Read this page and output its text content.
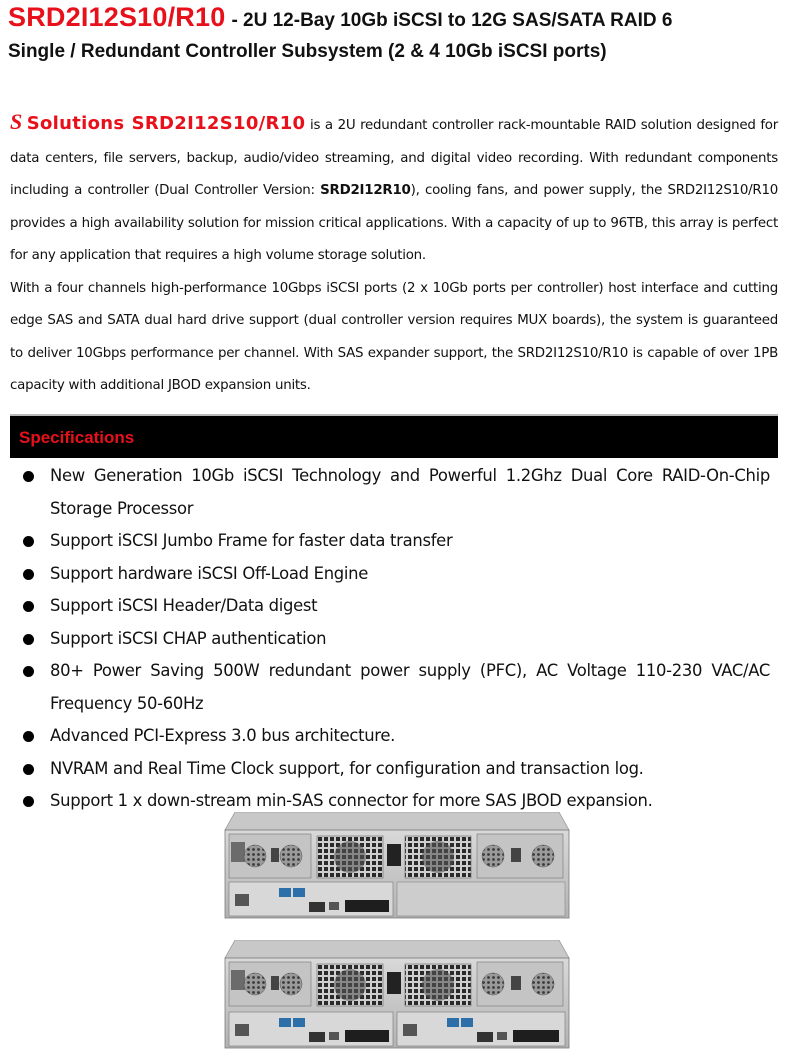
SRD2I12S10/R10 - 2U 12-Bay 10Gb iSCSI to 12G SAS/SATA RAID 6
Single / Redundant Controller Subsystem (2 & 4 10Gb iSCSI ports)

S Solutions SRD2I12S10/R10 is a 2U redundant controller rack-mountable RAID solution designed for data centers, file servers, backup, audio/video streaming, and digital video recording. With redundant components including a controller (Dual Controller Version: SRD2I12R10), cooling fans, and power supply, the SRD2I12S10/R10 provides a high availability solution for mission critical applications. With a capacity of up to 96TB, this array is perfect for any application that requires a high volume storage solution.

With a four channels high-performance 10Gbps iSCSI ports (2 x 10Gb ports per controller) host interface and cutting edge SAS and SATA dual hard drive support (dual controller version requires MUX boards), the system is guaranteed to deliver 10Gbps performance per channel. With SAS expander support, the SRD2I12S10/R10 is capable of over 1PB capacity with additional JBOD expansion units.

Specifications
New Generation 10Gb iSCSI Technology and Powerful 1.2Ghz Dual Core RAID-On-Chip Storage Processor
Support iSCSI Jumbo Frame for faster data transfer
Support hardware iSCSI Off-Load Engine
Support iSCSI Header/Data digest
Support iSCSI CHAP authentication
80+ Power Saving 500W redundant power supply (PFC), AC Voltage 110-230 VAC/AC Frequency 50-60Hz
Advanced PCI-Express 3.0 bus architecture.
NVRAM and Real Time Clock support, for configuration and transaction log.
Support 1 x down-stream min-SAS connector for more SAS JBOD expansion.
